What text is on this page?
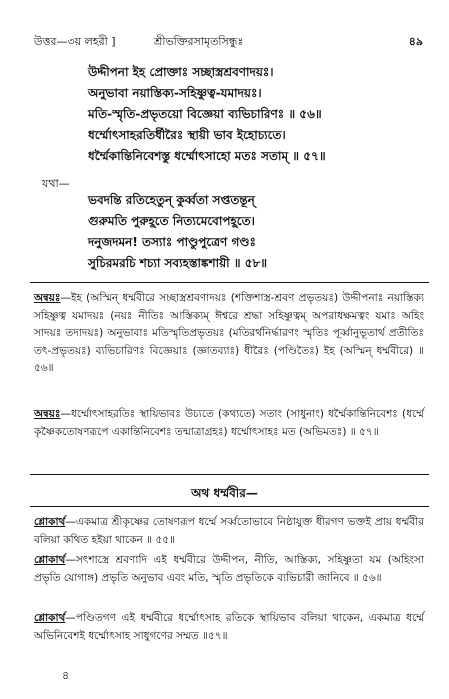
উত্তর—৩য় লহরী ]	শ্রীভক্তিরসামৃতসিন্ধুঃ	৪৯
উদ্দীপনা ইহ প্রোক্তাঃ সচ্ছাস্ত্রশ্রবণাদয়ঃ।
অনুভাবা নয়াস্তিক্য-সহিষ্ণুত্ব-যমাদয়ঃ।
মতি-স্মৃতি-প্রভৃতয়ো বিজ্ঞেয়া ব্যভিচারিণঃ ॥ ৫৬॥
ধর্ম্মোৎসাহরতির্ধীরৈঃ স্থায়ী ভাব ইহোচ্যতে।
ধর্ম্মৈকান্তিনিবেশস্তু ধর্ম্মোৎসাহো মতঃ সতাম্ ॥ ৫৭॥
যথা—
ভবদন্তি রতিহেতুন্ কুর্ব্বতা সপ্ততন্তূন্
গুরুমতি পুরুহূতে নিত্যমেবোপহূতে।
দনুজদমন! তস্যাঃ পাণ্ডুপুত্রেণ গণ্ডঃ
সুচিরমরচি শচ্যা সব্যহস্তাঙ্কশায়ী ॥ ৫৮॥
অন্বয়ঃ—ইহ (অস্মিন্ ধর্ম্মবীরে সচ্ছাস্ত্রশ্রবণাদয়ঃ (শক্তিশাস্ত্র-শ্রবণ প্রভৃতয়ঃ) উদ্দীপনাঃ নয়াস্তিক্য সহিষ্ণুত্ব যমাদয়ঃ (নয়ঃ নীতিঃ আস্তিক্যম্ ঈশ্বরে শ্রদ্ধা সহিষ্ণুত্বম্ অপরাধক্ষমত্বং যমাঃ অহিং সাদয়ঃ তদাদয়ঃ) অনুভাবাঃ মতিস্মৃতিপ্রভৃতয়ঃ (মতিরর্থনির্দ্ধারণং স্মৃতিঃ পূর্ব্বানুভূতার্থ প্রতীতিঃ তৎ-প্রভৃতয়ঃ) ব্যভিচারিণঃ বিজ্ঞেয়াঃ (জ্ঞাতব্যাঃ) ধীরৈঃ (পণ্ডিতৈঃ) ইহ (অস্মিন্ ধর্ম্মবীরে) ॥ ৫৬॥
অন্বয়ঃ—ধর্ম্মোৎসাহরতিঃ স্থায়িভাবঃ উচ্যতে (কথ্যতে) সতাং (সাধুনাং) ধর্ম্মৈকান্তিনিবেশঃ (ধর্ম্মে কৃষ্ণৈকতোষণরূপে একান্তিনিবেশঃ তন্মাত্রাগ্রহঃ) ধর্ম্মোৎসাহঃ মত (অভিমতঃ) ॥ ৫৭॥
অথ ধর্ম্মবীর—
শ্লোকার্থ—একমাত্র শ্রীকৃষ্ণের তোষণরূপ ধর্ম্মে সর্ব্বতোভাবে নিষ্ঠাযুক্ত ধীরগণ ভক্তই প্রায় ধর্ম্মবীর বলিয়া কথিত হইয়া থাকেন ॥ ৫৫॥
শ্লোকার্থ—সৎশাস্ত্রে শ্রবণাদি এই ধর্ম্মবীরে উদ্দীপন, নীতি, আস্তিক্য, সহিষ্ণুতা যম (অহিংসা প্রভৃতি যোগাঙ্গ) প্রভৃতি অনুভাব এবং মতি, স্মৃতি প্রভৃতিকে ব্যভিচারী জানিবে ॥ ৫৬॥
শ্লোকার্থ—পণ্ডিতগণ এই ধর্ম্মবীরে ধর্ম্মোৎসাহ রতিকে স্থায়িভাব বলিয়া থাকেন, একমাত্র ধর্ম্মে অভিনিবেশই ধর্ম্মোৎসাহ সাধুগণের সম্মত ॥৫৭॥
৪
